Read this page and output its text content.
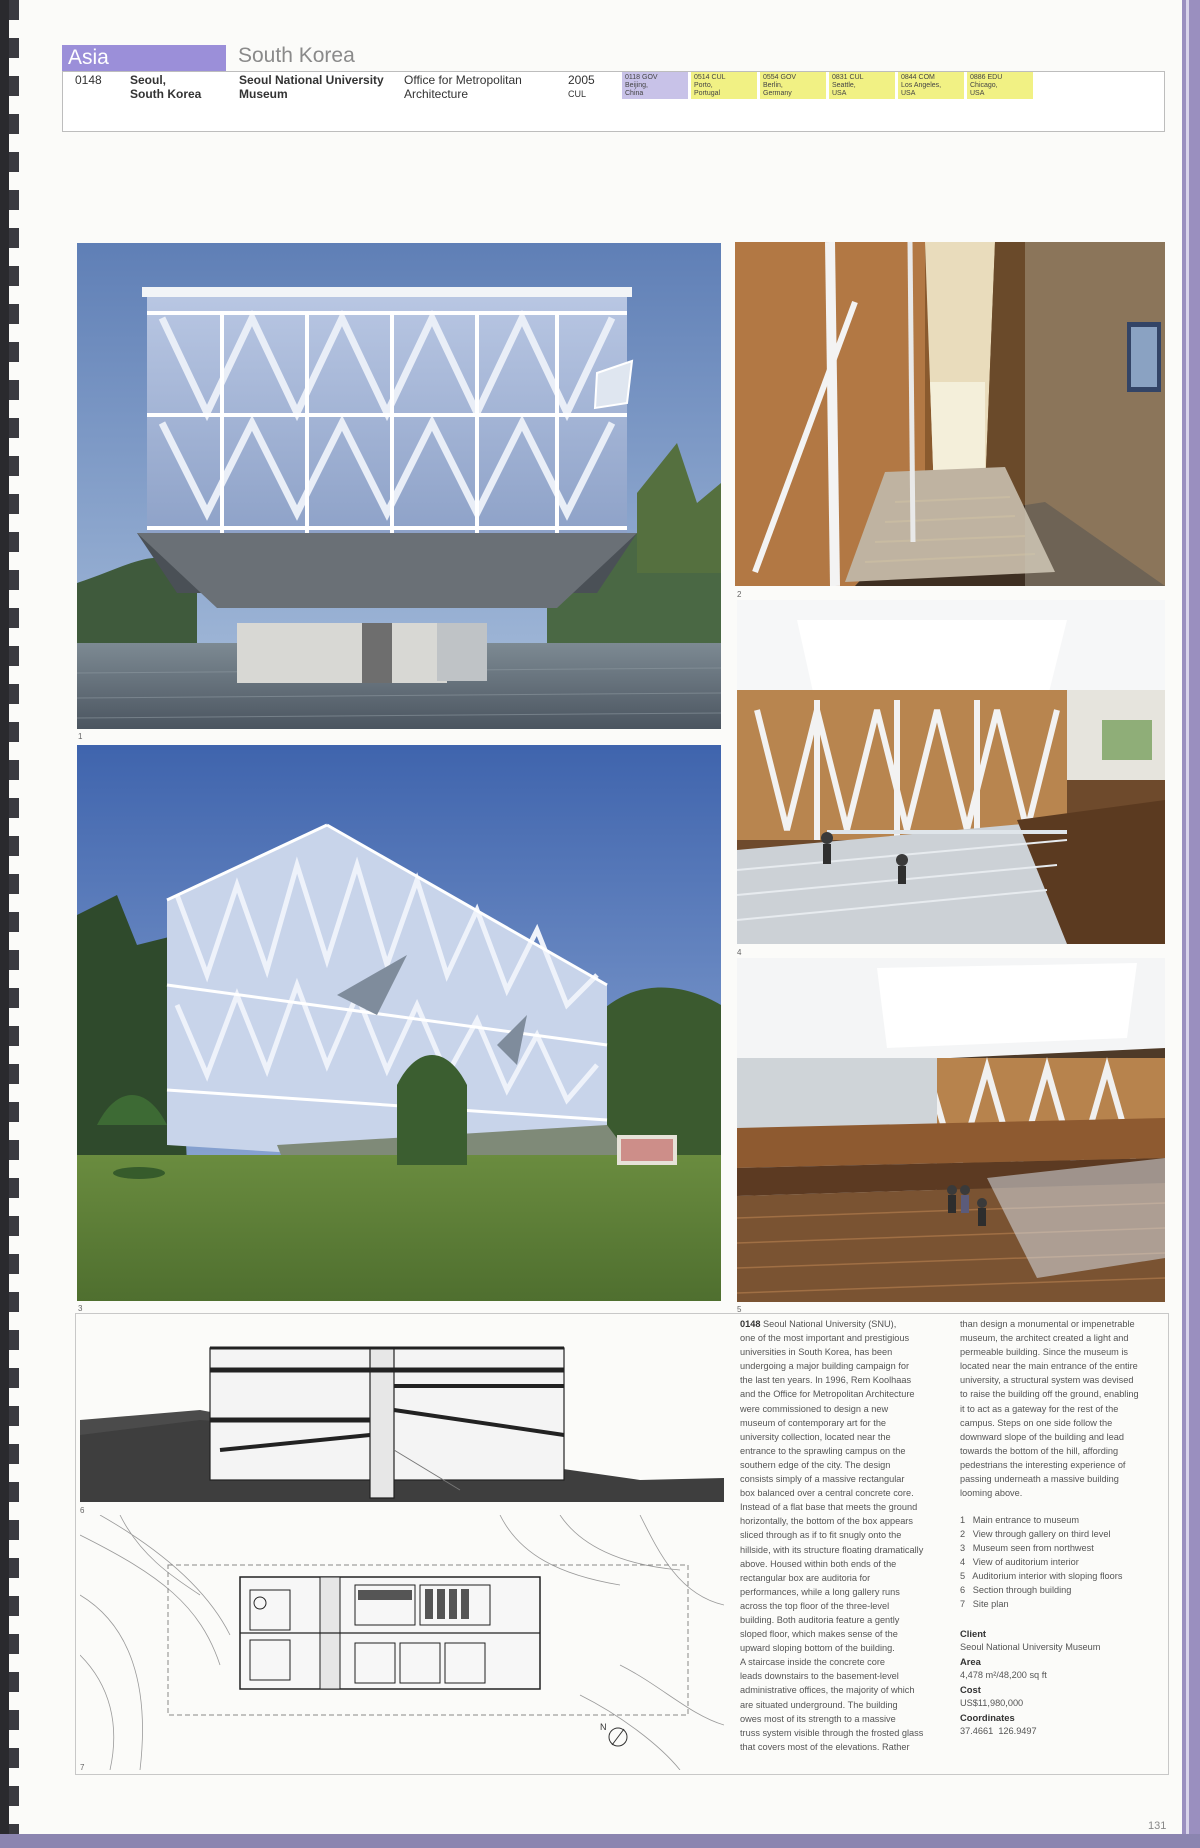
Asia	South Korea
0148 Seoul,
South Korea
Seoul National University
Museum
Office for Metropolitan
Architecture
2005
CUL
0118 GOV
Beijing,
China
0514 CUL
Porto,
Portugal
0554 GOV
Berlin,
Germany
0831 CUL
Seattle,
USA
0844 COM
Los Angeles,
USA
0886 EDU
Chicago,
USA
1
2
3
4
5
6
N
7
0148 Seoul National University (SNU),
one of the most important and prestigious
universities in South Korea, has been
undergoing a major building campaign for
the last ten years. In 1996, Rem Koolhaas
and the Office for Metropolitan Architecture
were commissioned to design a new
museum of contemporary art for the
university collection, located near the
entrance to the sprawling campus on the
southern edge of the city. The design
consists simply of a massive rectangular
box balanced over a central concrete core.
Instead of a flat base that meets the ground
horizontally, the bottom of the box appears
sliced through as if to fit snugly onto the
hillside, with its structure floating dramatically
above. Housed within both ends of the
rectangular box are auditoria for
performances, while a long gallery runs
across the top floor of the three-level
building. Both auditoria feature a gently
sloped floor, which makes sense of the
upward sloping bottom of the building.
A staircase inside the concrete core
leads downstairs to the basement-level
administrative offices, the majority of which
are situated underground. The building
owes most of its strength to a massive
truss system visible through the frosted glass
that covers most of the elevations. Rather
than design a monumental or impenetrable
museum, the architect created a light and
permeable building. Since the museum is
located near the main entrance of the entire
university, a structural system was devised
to raise the building off the ground, enabling
it to act as a gateway for the rest of the
campus. Steps on one side follow the
downward slope of the building and lead
towards the bottom of the hill, affording
pedestrians the interesting experience of
passing underneath a massive building
looming above.
1 Main entrance to museum
2 View through gallery on third level
3 Museum seen from northwest
4 View of auditorium interior
5 Auditorium interior with sloping floors
6 Section through building
7 Site plan
Client
Seoul National University Museum
Area
4,478 m²/48,200 sq ft
Cost
US$11,980,000
Coordinates
37.4661  126.9497
131
